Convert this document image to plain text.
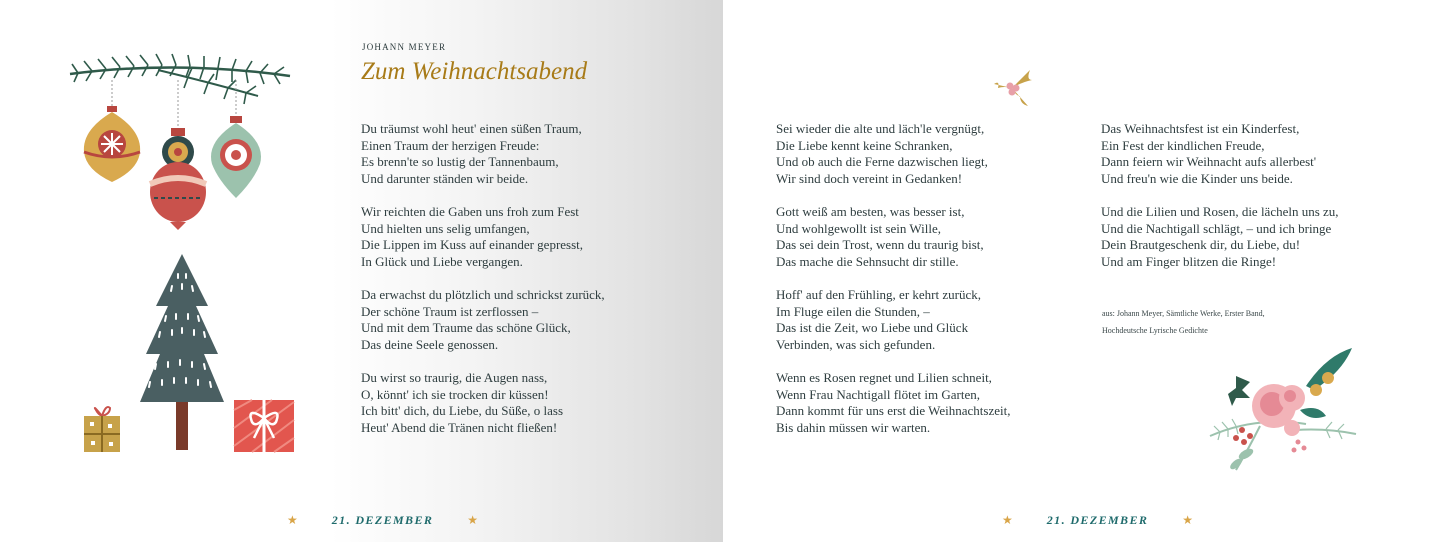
JOHANN MEYER
Zum Weihnachtsabend
Du träumst wohl heut' einen süßen Traum,
Einen Traum der herzigen Freude:
Es brenn'te so lustig der Tannenbaum,
Und darunter ständen wir beide.
Wir reichten die Gaben uns froh zum Fest
Und hielten uns selig umfangen,
Die Lippen im Kuss auf einander gepresst,
In Glück und Liebe vergangen.
Da erwachst du plötzlich und schrickst zurück,
Der schöne Traum ist zerflossen –
Und mit dem Traume das schöne Glück,
Das deine Seele genossen.
Du wirst so traurig, die Augen nass,
O, könnt' ich sie trocken dir küssen!
Ich bitt' dich, du Liebe, du Süße, o lass
Heut' Abend die Tränen nicht fließen!
★	21. DEZEMBER	★
Sei wieder die alte und läch'le vergnügt,
Die Liebe kennt keine Schranken,
Und ob auch die Ferne dazwischen liegt,
Wir sind doch vereint in Gedanken!
Gott weiß am besten, was besser ist,
Und wohlgewollt ist sein Wille,
Das sei dein Trost, wenn du traurig bist,
Das mache die Sehnsucht dir stille.
Hoff' auf den Frühling, er kehrt zurück,
Im Fluge eilen die Stunden, –
Das ist die Zeit, wo Liebe und Glück
Verbinden, was sich gefunden.
Wenn es Rosen regnet und Lilien schneit,
Wenn Frau Nachtigall flötet im Garten,
Dann kommt für uns erst die Weihnachtszeit,
Bis dahin müssen wir warten.
Das Weihnachtsfest ist ein Kinderfest,
Ein Fest der kindlichen Freude,
Dann feiern wir Weihnacht aufs allerbest'
Und freu'n wie die Kinder uns beide.
Und die Lilien und Rosen, die lächeln uns zu,
Und die Nachtigall schlägt, – und ich bringe
Dein Brautgeschenk dir, du Liebe, du!
Und am Finger blitzen die Ringe!
aus: Johann Meyer, Sämtliche Werke, Erster Band,
Hochdeutsche Lyrische Gedichte
★	21. DEZEMBER	★
